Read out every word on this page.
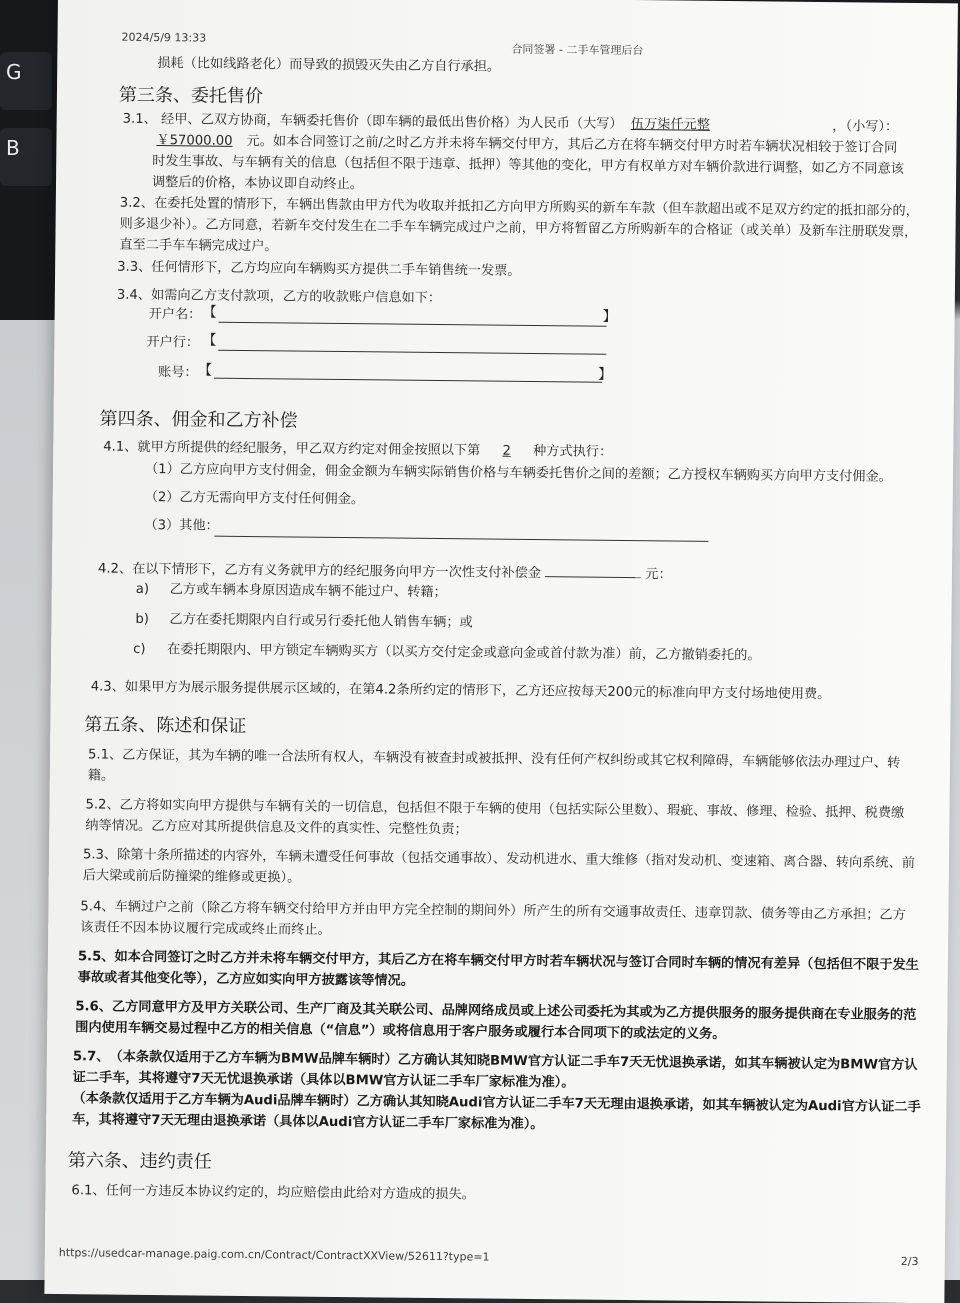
G
B
2024/5/9 13:33
合同签署 - 二手车管理后台
损耗（比如线路老化）而导致的损毁灭失由乙方自行承担。
第三条、委托售价
3.1、 经甲、乙双方协商，车辆委托售价（即车辆的最低出售价格）为人民币（大写） 伍万柒仟元整	，（小写）：
￥57000.00 元。如本合同签订之前/之时乙方并未将车辆交付甲方，其后乙方在将车辆交付甲方时若车辆状况相较于签订合同
时发生事故、与车辆有关的信息（包括但不限于违章、抵押）等其他的变化，甲方有权单方对车辆价款进行调整，如乙方不同意该
调整后的价格，本协议即自动终止。
3.2、在委托处置的情形下，车辆出售款由甲方代为收取并抵扣乙方向甲方所购买的新车车款（但车款超出或不足双方约定的抵扣部分的，则多退少补）。乙方同意，若新车交付发生在二手车车辆完成过户之前，甲方将暂留乙方所购新车的合格证（或关单）及新车注册联发票，直至二手车车辆完成过户。
3.3、任何情形下，乙方均应向车辆购买方提供二手车销售统一发票。
3.4、如需向乙方支付款项，乙方的收款账户信息如下：
开户名： 【	】
开户行： 【
账号： 【	】
第四条、佣金和乙方补偿
4.1、就甲方所提供的经纪服务，甲乙双方约定对佣金按照以下第 2 种方式执行：
（1）乙方应向甲方支付佣金，佣金金额为车辆实际销售价格与车辆委托售价之间的差额；乙方授权车辆购买方向甲方支付佣金。
（2）乙方无需向甲方支付任何佣金。
（3）其他：
4.2、在以下情形下，乙方有义务就甲方的经纪服务向甲方一次性支付补偿金	元：
a) 乙方或车辆本身原因造成车辆不能过户、转籍；
b) 乙方在委托期限内自行或另行委托他人销售车辆；或
c) 在委托期限内、甲方锁定车辆购买方（以买方交付定金或意向金或首付款为准）前，乙方撤销委托的。
4.3、如果甲方为展示服务提供展示区域的，在第4.2条所约定的情形下，乙方还应按每天200元的标准向甲方支付场地使用费。
第五条、陈述和保证
5.1、乙方保证，其为车辆的唯一合法所有权人，车辆没有被查封或被抵押、没有任何产权纠纷或其它权利障碍，车辆能够依法办理过户、转籍。
5.2、乙方将如实向甲方提供与车辆有关的一切信息，包括但不限于车辆的使用（包括实际公里数）、瑕疵、事故、修理、检验、抵押、税费缴纳等情况。乙方应对其所提供信息及文件的真实性、完整性负责；
5.3、除第十条所描述的内容外，车辆未遭受任何事故（包括交通事故）、发动机进水、重大维修（指对发动机、变速箱、离合器、转向系统、前后大梁或前后防撞梁的维修或更换）。
5.4、车辆过户之前（除乙方将车辆交付给甲方并由甲方完全控制的期间外）所产生的所有交通事故责任、违章罚款、债务等由乙方承担；乙方该责任不因本协议履行完成或终止而终止。
5.5、如本合同签订之时乙方并未将车辆交付甲方，其后乙方在将车辆交付甲方时若车辆状况与签订合同时车辆的情况有差异（包括但不限于发生事故或者其他变化等），乙方应如实向甲方披露该等情况。
5.6、乙方同意甲方及甲方关联公司、生产厂商及其关联公司、品牌网络成员或上述公司委托为其或为乙方提供服务的服务提供商在专业服务的范围内使用车辆交易过程中乙方的相关信息（“信息”）或将信息用于客户服务或履行本合同项下的或法定的义务。
5.7、（本条款仅适用于乙方车辆为BMW品牌车辆时）乙方确认其知晓BMW官方认证二手车7天无忧退换承诺，如其车辆被认定为BMW官方认证二手车，其将遵守7天无忧退换承诺（具体以BMW官方认证二手车厂家标准为准）。
（本条款仅适用于乙方车辆为Audi品牌车辆时）乙方确认其知晓Audi官方认证二手车7天无理由退换承诺，如其车辆被认定为Audi官方认证二手车，其将遵守7天无理由退换承诺（具体以Audi官方认证二手车厂家标准为准）。
第六条、违约责任
6.1、任何一方违反本协议约定的，均应赔偿由此给对方造成的损失。
https://usedcar-manage.paig.com.cn/Contract/ContractXXView/52611?type=1	2/3
